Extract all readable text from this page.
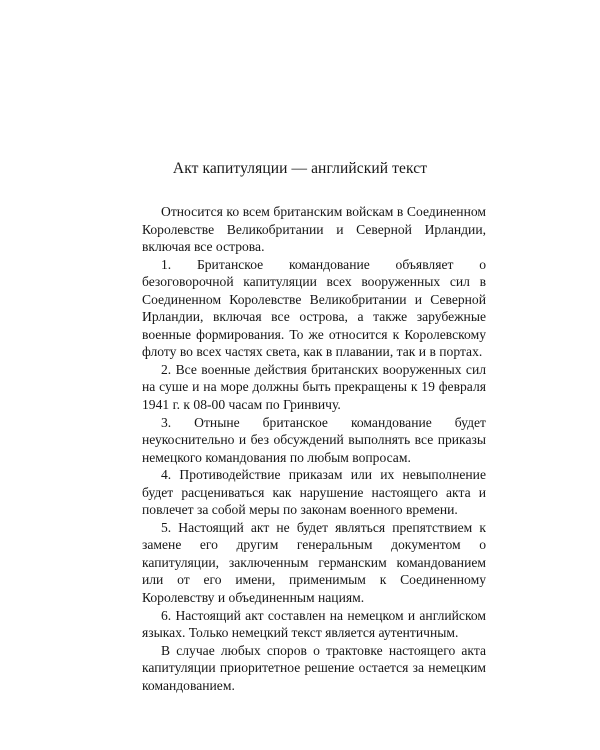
Акт капитуляции — английский текст

Относится ко всем британским войскам в Соединенном Королевстве Великобритании и Северной Ирландии, включая все острова.

1. Британское командование объявляет о безоговорочной капитуляции всех вооруженных сил в Соединенном Королевстве Великобритании и Северной Ирландии, включая все острова, а также зарубежные военные формирования. То же относится к Королевскому флоту во всех частях света, как в плавании, так и в портах.

2. Все военные действия британских вооруженных сил на суше и на море должны быть прекращены к 19 февраля 1941 г. к 08-00 часам по Гринвичу.

3. Отныне британское командование будет неукоснительно и без обсуждений выполнять все приказы немецкого командования по любым вопросам.

4. Противодействие приказам или их невыполнение будет расцениваться как нарушение настоящего акта и повлечет за собой меры по законам военного времени.

5. Настоящий акт не будет являться препятствием к замене его другим генеральным документом о капитуляции, заключенным германским командованием или от его имени, применимым к Соединенному Королевству и объединенным нациям.

6. Настоящий акт составлен на немецком и английском языках. Только немецкий текст является аутентичным.

В случае любых споров о трактовке настоящего акта капитуляции приоритетное решение остается за немецким командованием.
